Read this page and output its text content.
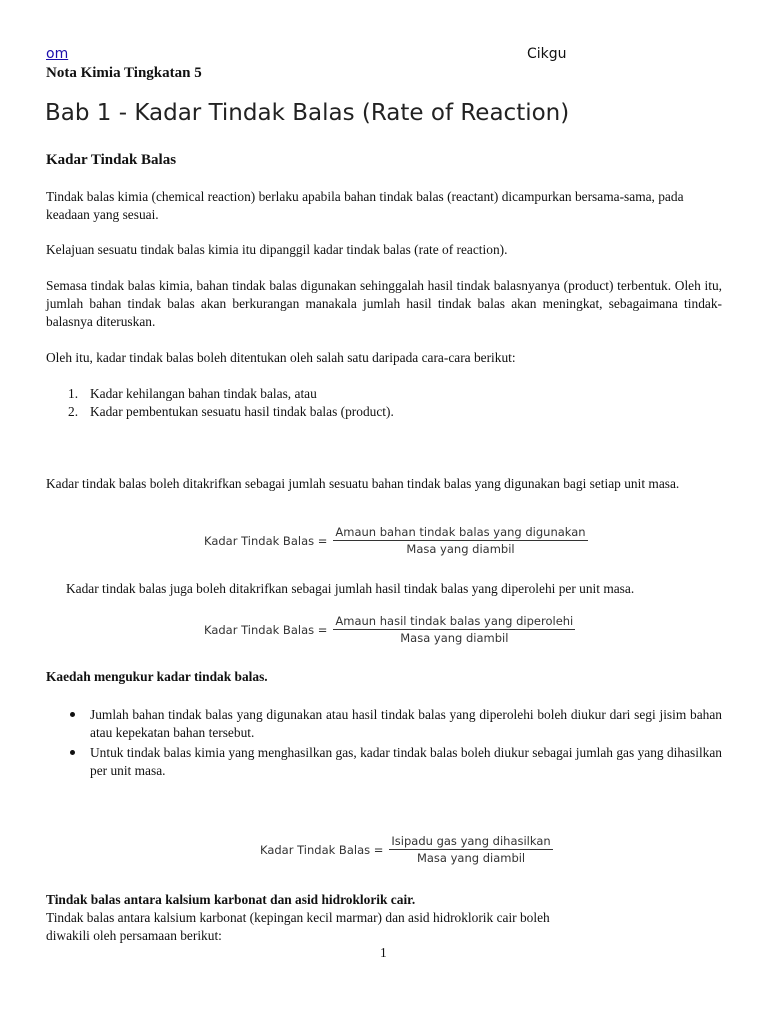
om	Cikgu
Nota Kimia Tingkatan 5
Bab 1 - Kadar Tindak Balas (Rate of Reaction)
Kadar Tindak Balas
Tindak balas kimia (chemical reaction) berlaku apabila bahan tindak balas (reactant) dicampurkan bersama-sama, pada keadaan yang sesuai.
Kelajuan sesuatu tindak balas kimia itu dipanggil kadar tindak balas (rate of reaction).
Semasa tindak balas kimia, bahan tindak balas digunakan sehinggalah hasil tindak balasnyanya (product) terbentuk. Oleh itu, jumlah bahan tindak balas akan berkurangan manakala jumlah hasil tindak balas akan meningkat, sebagaimana tindak-balasnya diteruskan.
Oleh itu, kadar tindak balas boleh ditentukan oleh salah satu daripada cara-cara berikut:
1. Kadar kehilangan bahan tindak balas, atau
2. Kadar pembentukan sesuatu hasil tindak balas (product).
Kadar tindak balas boleh ditakrifkan sebagai jumlah sesuatu bahan tindak balas yang digunakan bagi setiap unit masa.
Kadar Tindak Balas = $\frac{\text{Amaun bahan tindak balas yang digunakan}}{\text{Masa yang diambil}}$
Kadar tindak balas juga boleh ditakrifkan sebagai jumlah hasil tindak balas yang diperolehi per unit masa.
Kadar Tindak Balas = $\frac{\text{Amaun hasil tindak balas yang diperolehi}}{\text{Masa yang diambil}}$
Kaedah mengukur kadar tindak balas.
Jumlah bahan tindak balas yang digunakan atau hasil tindak balas yang diperolehi boleh diukur dari segi jisim bahan atau kepekatan bahan tersebut.
Untuk tindak balas kimia yang menghasilkan gas, kadar tindak balas boleh diukur sebagai jumlah gas yang dihasilkan per unit masa.
Kadar Tindak Balas = $\frac{\text{Isipadu gas yang dihasilkan}}{\text{Masa yang diambil}}$
Tindak balas antara kalsium karbonat dan asid hidroklorik cair.
Tindak balas antara kalsium karbonat (kepingan kecil marmar) dan asid hidroklorik cair boleh
diwakili oleh persamaan berikut:
1
